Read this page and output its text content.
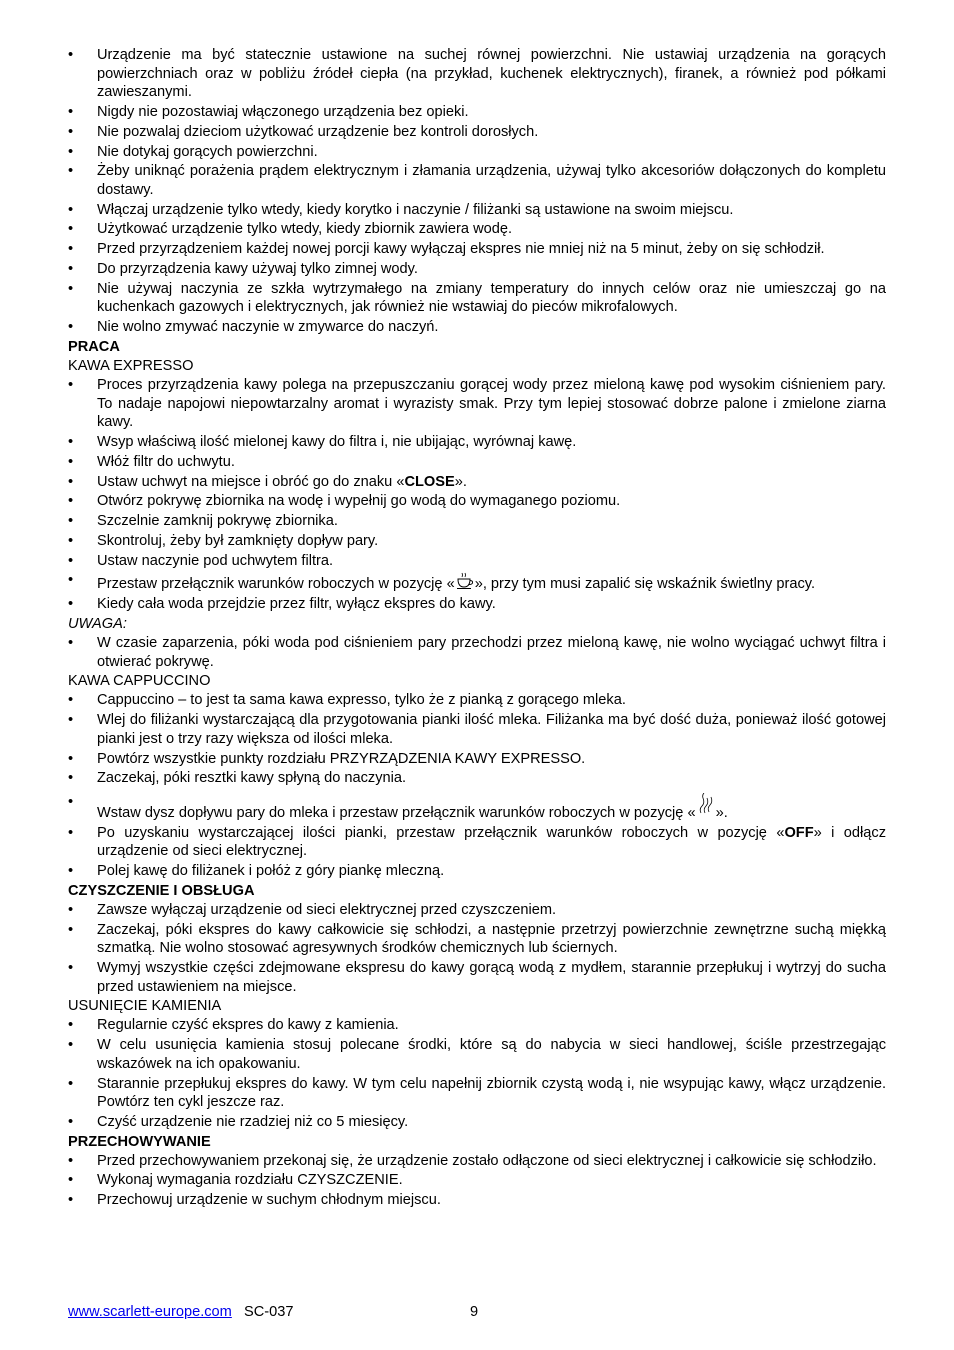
• Urządzenie ma być statecznie ustawione na suchej równej powierzchni. Nie ustawiaj urządzenia na gorących powierzchniach oraz w pobliżu źródeł ciepła (na przykład, kuchenek elektrycznych), firanek, a również pod półkami zawieszanymi.
• Nigdy nie pozostawiaj włączonego urządzenia bez opieki.
• Nie pozwalaj dzieciom użytkować urządzenie bez kontroli dorosłych.
• Nie dotykaj gorących powierzchni.
• Żeby uniknąć porażenia prądem elektrycznym i złamania urządzenia, używaj tylko akcesoriów dołączonych do kompletu dostawy.
• Włączaj urządzenie tylko wtedy, kiedy korytko i naczynie / filiżanki są ustawione na swoim miejscu.
• Użytkować urządzenie tylko wtedy, kiedy zbiornik zawiera wodę.
• Przed przyrządzeniem każdej nowej porcji kawy wyłączaj ekspres nie mniej niż na 5 minut, żeby on się schłodził.
• Do przyrządzenia kawy używaj tylko zimnej wody.
• Nie używaj naczynia ze szkła wytrzymałego na zmiany temperatury do innych celów oraz nie umieszczaj go na kuchenkach gazowych i elektrycznych, jak również nie wstawiaj do pieców mikrofalowych.
• Nie wolno zmywać naczynie w zmywarce do naczyń.
PRACA
KAWA EXPRESSO
• Proces przyrządzenia kawy polega na przepuszczaniu gorącej wody przez mieloną kawę pod wysokim ciśnieniem pary. To nadaje napojowi niepowtarzalny aromat i wyrazisty smak. Przy tym lepiej stosować dobrze palone i zmielone ziarna kawy.
• Wsyp właściwą ilość mielonej kawy do filtra i, nie ubijając, wyrównaj kawę.
• Włóż filtr do uchwytu.
• Ustaw uchwyt na miejsce i obróć go do znaku «CLOSE».
• Otwórz pokrywę zbiornika na wodę i wypełnij go wodą do wymaganego poziomu.
• Szczelnie zamknij pokrywę zbiornika.
• Skontroluj, żeby był zamknięty dopływ pary.
• Ustaw naczynie pod uchwytem filtra.
• Przestaw przełącznik warunków roboczych w pozycję « », przy tym musi zapalić się wskaźnik świetlny pracy.
• Kiedy cała woda przejdzie przez filtr, wyłącz ekspres do kawy.
UWAGA:
• W czasie zaparzenia, póki woda pod ciśnieniem pary przechodzi przez mieloną kawę, nie wolno wyciągać uchwyt filtra i otwierać pokrywę.
KAWA CAPPUCCINO
• Cappuccino – to jest ta sama kawa expresso, tylko że z pianką z gorącego mleka.
• Wlej do filiżanki wystarczającą dla przygotowania pianki ilość mleka. Filiżanka ma być dość duża, ponieważ ilość gotowej pianki jest o trzy razy większa od ilości mleka.
• Powtórz wszystkie punkty rozdziału PRZYRZĄDZENIA KAWY EXPRESSO.
• Zaczekaj, póki resztki kawy spłyną do naczynia.
• Wstaw dysz dopływu pary do mleka i przestaw przełącznik warunków roboczych w pozycję « ».
• Po uzyskaniu wystarczającej ilości pianki, przestaw przełącznik warunków roboczych w pozycję «OFF» i odłącz urządzenie od sieci elektrycznej.
• Polej kawę do filiżanek i połóż z góry piankę mleczną.
CZYSZCZENIE I OBSŁUGA
• Zawsze wyłączaj urządzenie od sieci elektrycznej przed czyszczeniem.
• Zaczekaj, póki ekspres do kawy całkowicie się schłodzi, a następnie przetrzyj powierzchnie zewnętrzne suchą miękką szmatką. Nie wolno stosować agresywnych środków chemicznych lub ściernych.
• Wymyj wszystkie części zdejmowane ekspresu do kawy gorącą wodą z mydłem, starannie przepłukuj i wytrzyj do sucha przed ustawieniem na miejsce.
USUNIĘCIE KAMIENIA
• Regularnie czyść ekspres do kawy z kamienia.
• W celu usunięcia kamienia stosuj polecane środki, które są do nabycia w sieci handlowej, ściśle przestrzegając wskazówek na ich opakowaniu.
• Starannie przepłukuj ekspres do kawy. W tym celu napełnij zbiornik czystą wodą i, nie wsypując kawy, włącz urządzenie. Powtórz ten cykl jeszcze raz.
• Czyść urządzenie nie rzadziej niż co 5 miesięcy.
PRZECHOWYWANIE
• Przed przechowywaniem przekonaj się, że urządzenie zostało odłączone od sieci elektrycznej i całkowicie się schłodziło.
• Wykonaj wymagania rozdziału CZYSZCZENIE.
• Przechowuj urządzenie w suchym chłodnym miejscu.
www.scarlett-europe.com SC-037	9
